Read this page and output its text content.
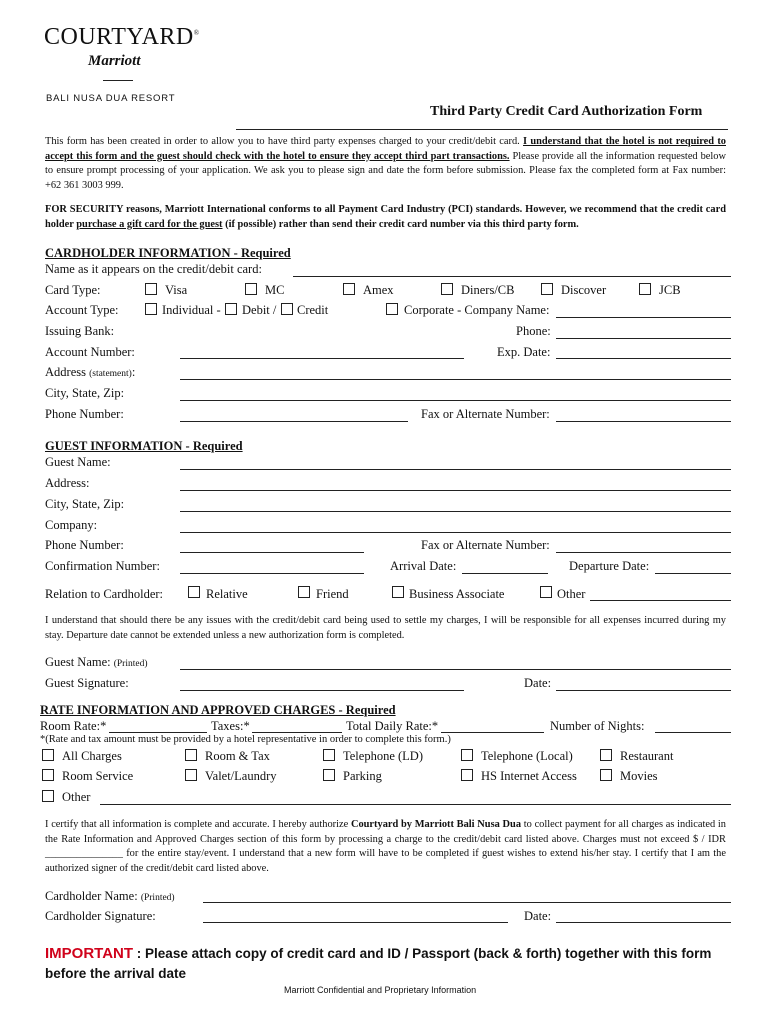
COURTYARD®
Marriott
BALI NUSA DUA RESORT
Third Party Credit Card Authorization Form
This form has been created in order to allow you to have third party expenses charged to your credit/debit card. I understand that the hotel is not required to accept this form and the guest should check with the hotel to ensure they accept third part transactions. Please provide all the information requested below to ensure prompt processing of your application. We ask you to please sign and date the form before submission. Please fax the completed form at Fax number: +62 361 3003 999.
FOR SECURITY reasons, Marriott International conforms to all Payment Card Industry (PCI) standards. However, we recommend that the credit card holder purchase a gift card for the guest (if possible) rather than send their credit card number via this third party form.
CARDHOLDER INFORMATION - Required
Name as it appears on the credit/debit card:
Card Type:	Visa	MC	Amex	Diners/CB	Discover	JCB
Account Type:	Individual - Debit / Credit	Corporate - Company Name:
Issuing Bank:	Phone:
Account Number:	Exp. Date:
Address (statement):
City, State, Zip:
Phone Number:	Fax or Alternate Number:
GUEST INFORMATION - Required
Guest Name:
Address:
City, State, Zip:
Company:
Phone Number:	Fax or Alternate Number:
Confirmation Number:	Arrival Date:	Departure Date:
Relation to Cardholder:	Relative	Friend	Business Associate	Other
I understand that should there be any issues with the credit/debit card being used to settle my charges, I will be responsible for all expenses incurred during my stay. Departure date cannot be extended unless a new authorization form is completed.
Guest Name: (Printed)
Guest Signature:	Date:
RATE INFORMATION AND APPROVED CHARGES - Required
Room Rate:*	Taxes:*	Total Daily Rate:*	Number of Nights:
*(Rate and tax amount must be provided by a hotel representative in order to complete this form.)
All Charges	Room & Tax	Telephone (LD)	Telephone (Local)	Restaurant
Room Service	Valet/Laundry	Parking	HS Internet Access	Movies
Other
I certify that all information is complete and accurate. I hereby authorize Courtyard by Marriott Bali Nusa Dua to collect payment for all charges as indicated in the Rate Information and Approved Charges section of this form by processing a charge to the credit/debit card listed above. Charges must not exceed $ / IDR _______________ for the entire stay/event. I understand that a new form will have to be completed if guest wishes to extend his/her stay. I certify that I am the authorized signer of the credit/debit card listed above.
Cardholder Name: (Printed)
Cardholder Signature:	Date:
IMPORTANT : Please attach copy of credit card and ID / Passport (back & forth) together with this form
before the arrival date
Marriott Confidential and Proprietary Information
